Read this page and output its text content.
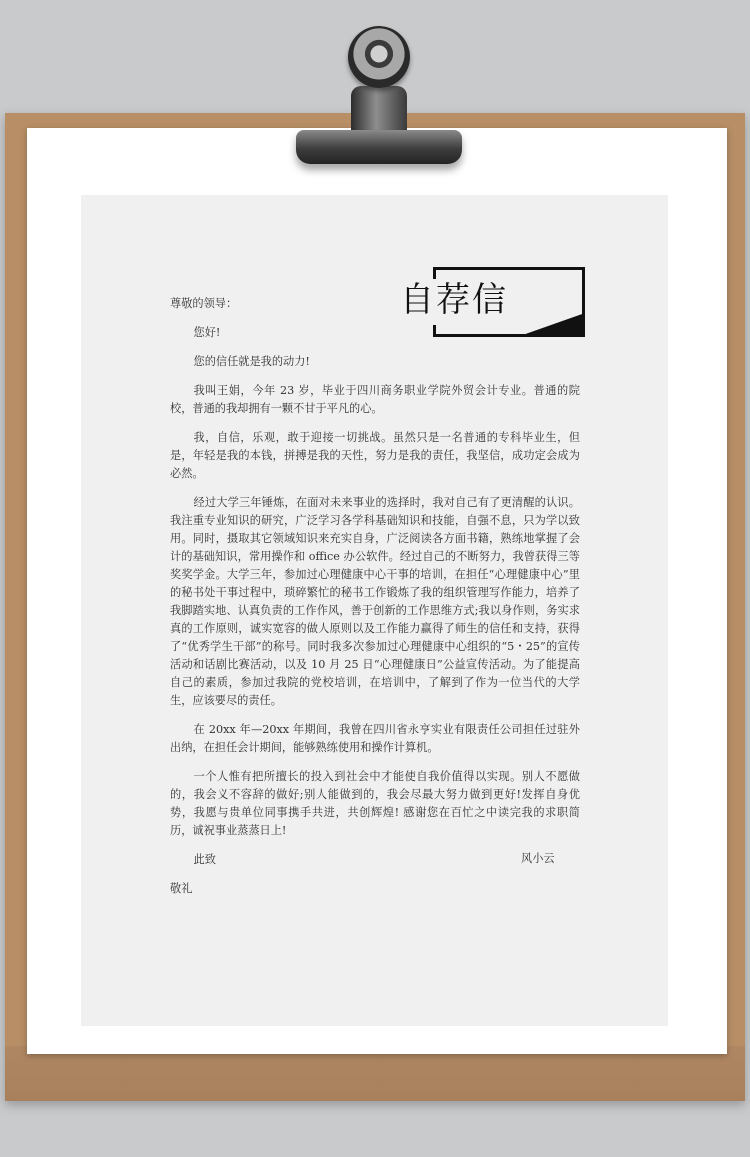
自荐信

尊敬的领导：

您好!

您的信任就是我的动力!

我叫王娟，今年 23 岁，毕业于四川商务职业学院外贸会计专业。普通的院校，普通的我却拥有一颗不甘于平凡的心。

我，自信，乐观，敢于迎接一切挑战。虽然只是一名普通的专科毕业生，但是，年轻是我的本钱，拼搏是我的天性，努力是我的责任，我坚信，成功定会成为必然。

经过大学三年锤炼，在面对未来事业的选择时，我对自己有了更清醒的认识。我注重专业知识的研究，广泛学习各学科基础知识和技能，自强不息，只为学以致用。同时，摄取其它领域知识来充实自身，广泛阅读各方面书籍，熟练地掌握了会计的基础知识，常用操作和 office 办公软件。经过自己的不断努力，我曾获得三等奖奖学金。大学三年，参加过心理健康中心干事的培训，在担任“心理健康中心”里的秘书处干事过程中，琐碎繁忙的秘书工作锻炼了我的组织管理写作能力，培养了我脚踏实地、认真负责的工作作风，善于创新的工作思维方式;我以身作则，务实求真的工作原则，诚实宽容的做人原则以及工作能力赢得了师生的信任和支持，获得了“优秀学生干部”的称号。同时我多次参加过心理健康中心组织的“5・25”的宣传活动和话剧比赛活动，以及 10 月 25 日“心理健康日”公益宣传活动。为了能提高自己的素质，参加过我院的党校培训，在培训中，了解到了作为一位当代的大学生，应该要尽的责任。

在 20xx 年—20xx 年期间，我曾在四川省永亨实业有限责任公司担任过驻外出纳，在担任会计期间，能够熟练使用和操作计算机。

一个人惟有把所擅长的投入到社会中才能使自我价值得以实现。别人不愿做的，我会义不容辞的做好;别人能做到的，我会尽最大努力做到更好!发挥自身优势，我愿与贵单位同事携手共进，共创辉煌! 感谢您在百忙之中读完我的求职简历，诚祝事业蒸蒸日上!

此致

敬礼

风小云
